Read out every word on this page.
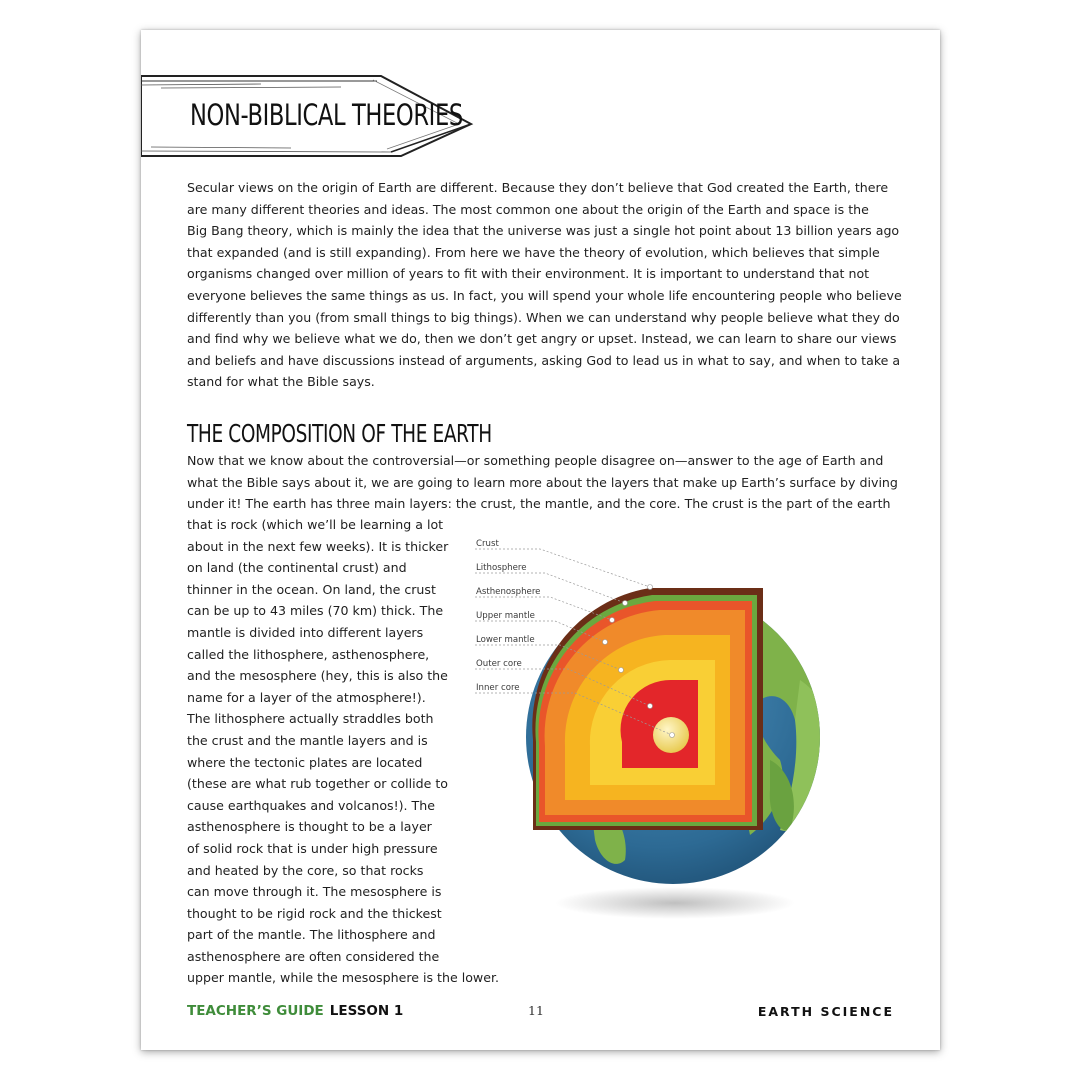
NON-BIBLICAL THEORIES
Secular views on the origin of Earth are different. Because they don’t believe that God created the Earth, there
are many different theories and ideas. The most common one about the origin of the Earth and space is the
Big Bang theory, which is mainly the idea that the universe was just a single hot point about 13 billion years ago
that expanded (and is still expanding). From here we have the theory of evolution, which believes that simple
organisms changed over million of years to fit with their environment. It is important to understand that not
everyone believes the same things as us. In fact, you will spend your whole life encountering people who believe
differently than you (from small things to big things). When we can understand why people believe what they do
and find why we believe what we do, then we don’t get angry or upset. Instead, we can learn to share our views
and beliefs and have discussions instead of arguments, asking God to lead us in what to say, and when to take a
stand for what the Bible says.
THE COMPOSITION OF THE EARTH
Now that we know about the controversial—or something people disagree on—answer to the age of Earth and
what the Bible says about it, we are going to learn more about the layers that make up Earth’s surface by diving
under it! The earth has three main layers: the crust, the mantle, and the core. The crust is the part of the earth
that is rock (which we’ll be learning a lot
about in the next few weeks). It is thicker
on land (the continental crust) and
thinner in the ocean. On land, the crust
can be up to 43 miles (70 km) thick. The
mantle is divided into different layers
called the lithosphere, asthenosphere,
and the mesosphere (hey, this is also the
name for a layer of the atmosphere!).
The lithosphere actually straddles both
the crust and the mantle layers and is
where the tectonic plates are located
(these are what rub together or collide to
cause earthquakes and volcanos!). The
asthenosphere is thought to be a layer
of solid rock that is under high pressure
and heated by the core, so that rocks
can move through it. The mesosphere is
thought to be rigid rock and the thickest
part of the mantle. The lithosphere and
asthenosphere are often considered the
upper mantle, while the mesosphere is the lower.
Crust
Lithosphere
Asthenosphere
Upper mantle
Lower mantle
Outer core
Inner core
TEACHER’S GUIDE LESSON 1	11	EARTH SCIENCE
